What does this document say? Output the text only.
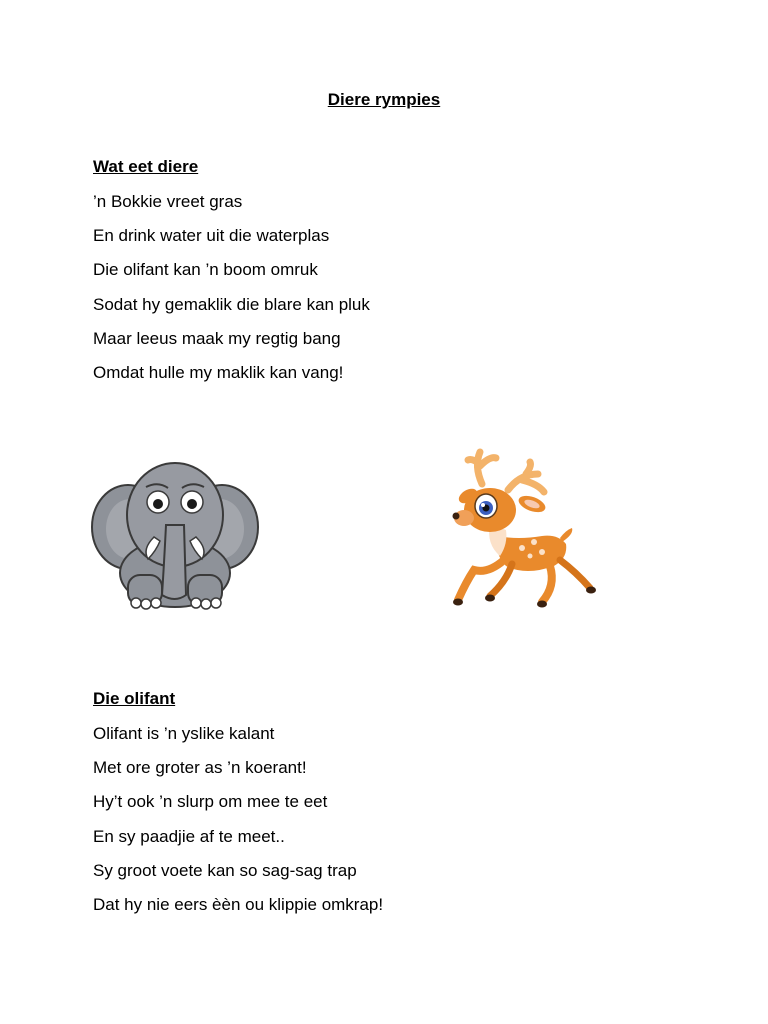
Diere rympies
Wat eet diere
’n Bokkie vreet gras
En drink water uit die waterplas
Die olifant kan ’n boom omruk
Sodat hy gemaklik die blare kan pluk
Maar leeus maak my regtig bang
Omdat hulle my maklik kan vang!
Die olifant
Olifant is ’n yslike kalant
Met ore groter as ’n koerant!
Hy’t ook ’n slurp om mee te eet
En sy paadjie af te meet..
Sy groot voete kan so sag-sag trap
Dat hy nie eers èèn ou klippie omkrap!
